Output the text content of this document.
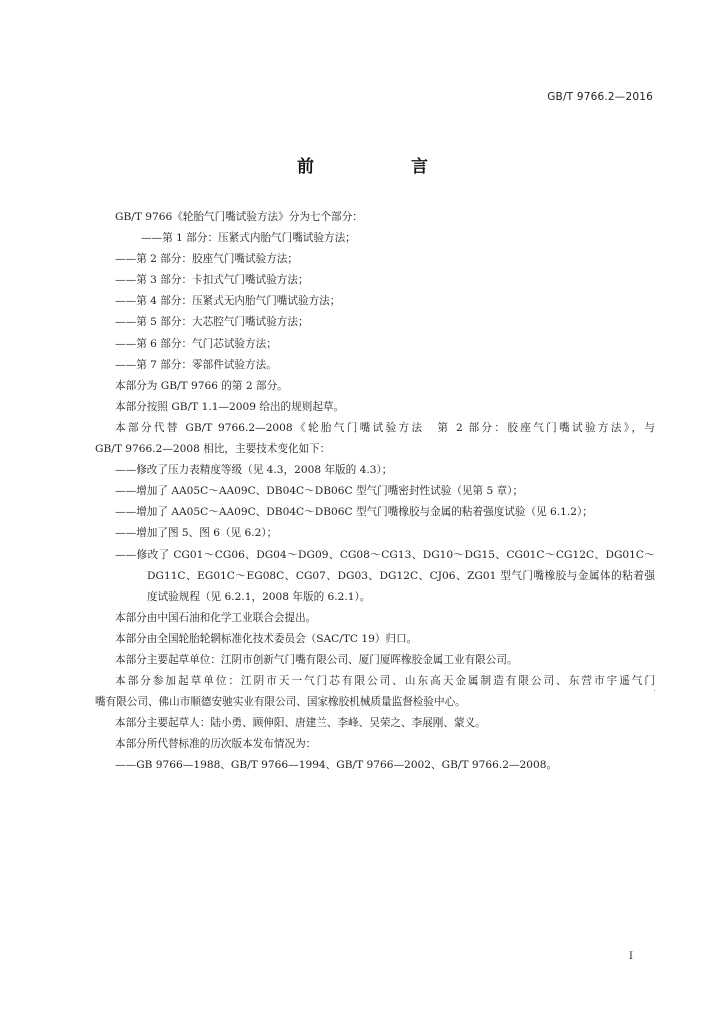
GB/T 9766.2—2016
前　言
GB/T 9766《轮胎气门嘴试验方法》分为七个部分：
——第 1 部分：压紧式内胎气门嘴试验方法；
——第 2 部分：胶座气门嘴试验方法；
——第 3 部分：卡扣式气门嘴试验方法；
——第 4 部分：压紧式无内胎气门嘴试验方法；
——第 5 部分：大芯腔气门嘴试验方法；
——第 6 部分：气门芯试验方法；
——第 7 部分：零部件试验方法。
本部分为 GB/T 9766 的第 2 部分。
本部分按照 GB/T 1.1—2009 给出的规则起草。
本部分代替 GB/T 9766.2—2008《轮胎气门嘴试验方法　第 2 部分：胶座气门嘴试验方法》，与
GB/T 9766.2—2008 相比，主要技术变化如下：
——修改了压力表精度等级（见 4.3，2008 年版的 4.3）；
——增加了 AA05C～AA09C、DB04C～DB06C 型气门嘴密封性试验（见第 5 章）；
——增加了 AA05C～AA09C、DB04C～DB06C 型气门嘴橡胶与金属的粘着强度试验（见 6.1.2）；
——增加了图 5、图 6（见 6.2）；
——修改了 CG01～CG06、DG04～DG09、CG08～CG13、DG10～DG15、CG01C～CG12C、DG01C～
DG11C、EG01C～EG08C、CG07、DG03、DG12C、CJ06、ZG01 型气门嘴橡胶与金属体的粘着强
度试验规程（见 6.2.1，2008 年版的 6.2.1）。
本部分由中国石油和化学工业联合会提出。
本部分由全国轮胎轮辋标准化技术委员会（SAC/TC 19）归口。
本部分主要起草单位：江阴市创新气门嘴有限公司、厦门厦晖橡胶金属工业有限公司。
本部分参加起草单位：江阴市天一气门芯有限公司、山东高天金属制造有限公司、东营市宇遥气门
嘴有限公司、佛山市顺德安驰实业有限公司、国家橡胶机械质量监督检验中心。
本部分主要起草人：陆小勇、顾伸阳、唐建兰、李峰、吴荣之、李展刚、蒙义。
本部分所代替标准的历次版本发布情况为：
——GB 9766—1988、GB/T 9766—1994、GB/T 9766—2002、GB/T 9766.2—2008。
I
